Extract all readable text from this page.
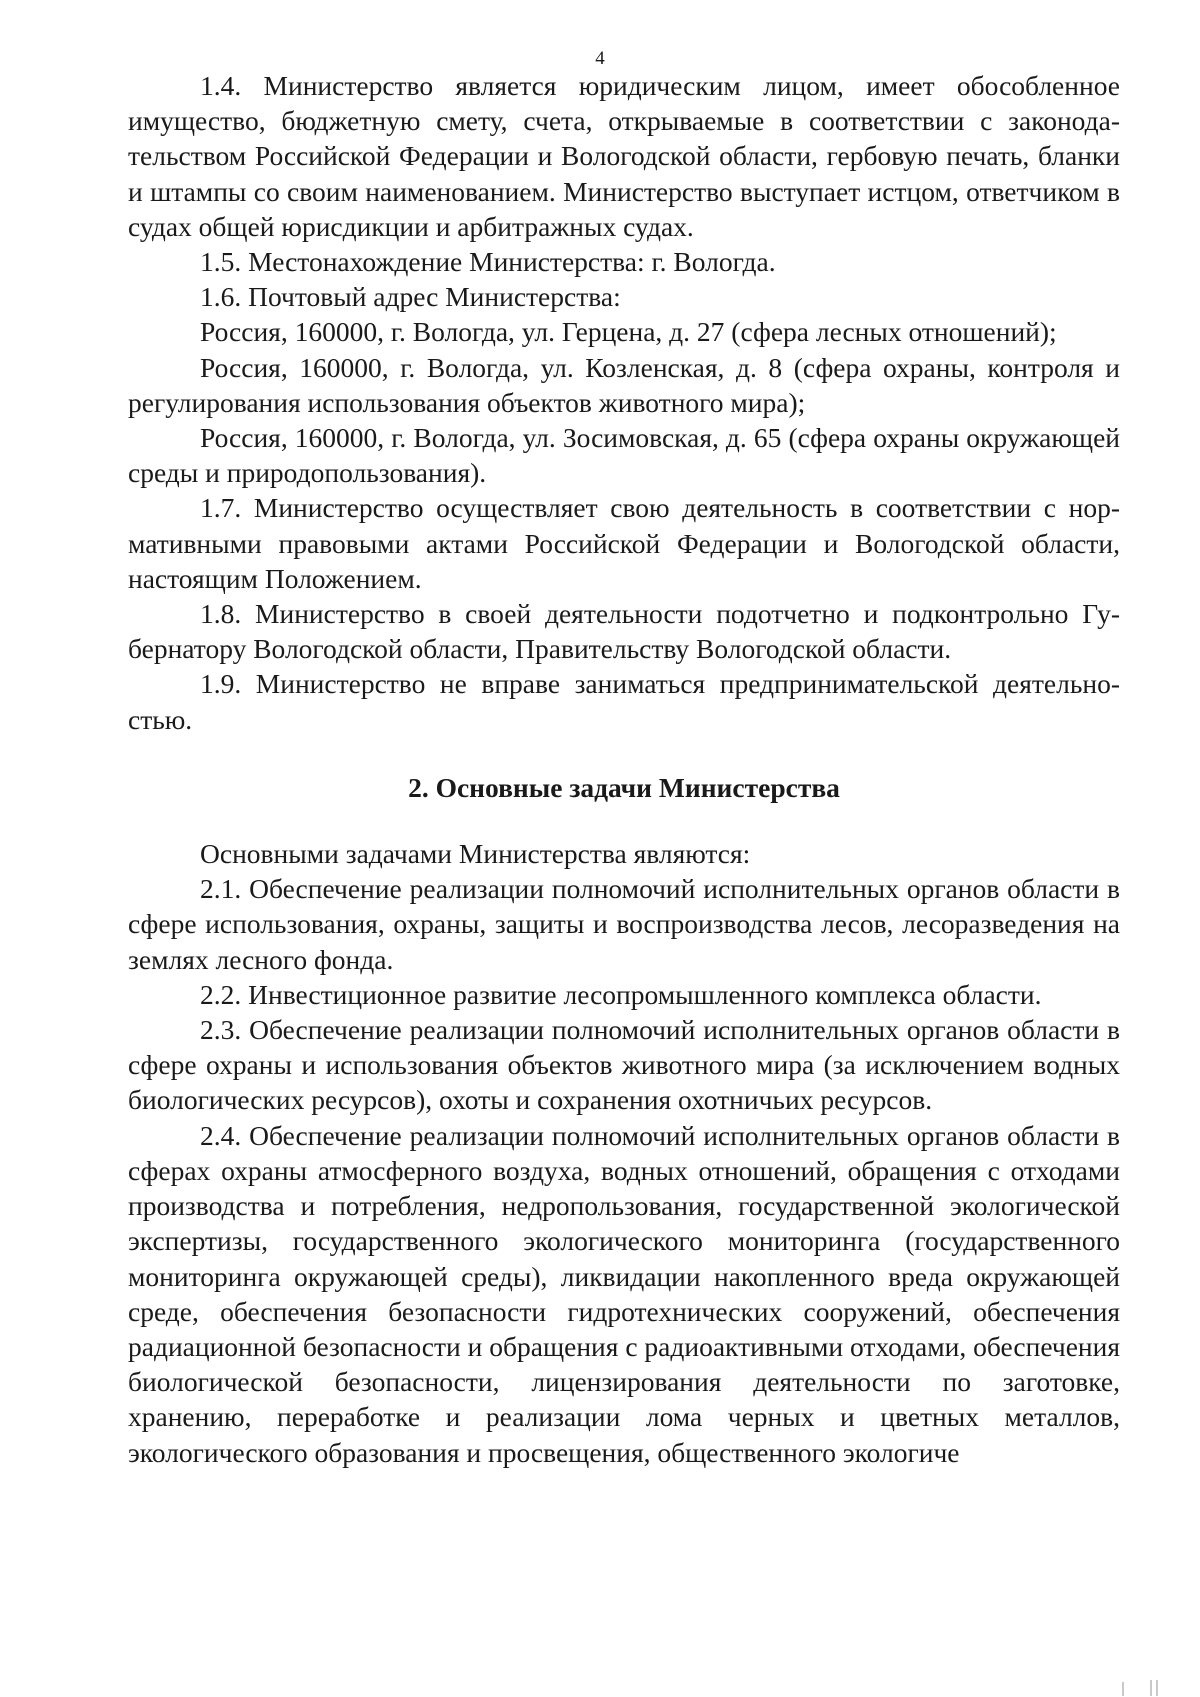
4

1.4. Министерство является юридическим лицом, имеет обособленное имущество, бюджетную смету, счета, открываемые в соответствии с законодательством Российской Федерации и Вологодской области, гербовую печать, бланки и штампы со своим наименованием. Министерство выступает истцом, ответчиком в судах общей юрисдикции и арбитражных судах.

1.5. Местонахождение Министерства: г. Вологда.

1.6. Почтовый адрес Министерства:

Россия, 160000, г. Вологда, ул. Герцена, д. 27 (сфера лесных отношений);

Россия, 160000, г. Вологда, ул. Козленская, д. 8 (сфера охраны, контроля и регулирования использования объектов животного мира);

Россия, 160000, г. Вологда, ул. Зосимовская, д. 65 (сфера охраны окружающей среды и природопользования).

1.7. Министерство осуществляет свою деятельность в соответствии с нормативными правовыми актами Российской Федерации и Вологодской области, настоящим Положением.

1.8. Министерство в своей деятельности подотчетно и подконтрольно Губернатору Вологодской области, Правительству Вологодской области.

1.9. Министерство не вправе заниматься предпринимательской деятельностью.

2. Основные задачи Министерства

Основными задачами Министерства являются:

2.1. Обеспечение реализации полномочий исполнительных органов области в сфере использования, охраны, защиты и воспроизводства лесов, лесоразведения на землях лесного фонда.

2.2. Инвестиционное развитие лесопромышленного комплекса области.

2.3. Обеспечение реализации полномочий исполнительных органов области в сфере охраны и использования объектов животного мира (за исключением водных биологических ресурсов), охоты и сохранения охотничьих ресурсов.

2.4. Обеспечение реализации полномочий исполнительных органов области в сферах охраны атмосферного воздуха, водных отношений, обращения с отходами производства и потребления, недропользования, государственной экологической экспертизы, государственного экологического мониторинга (государственного мониторинга окружающей среды), ликвидации накопленного вреда окружающей среде, обеспечения безопасности гидротехнических сооружений, обеспечения радиационной безопасности и обращения с радиоактивными отходами, обеспечения биологической безопасности, лицензирования деятельности по заготовке, хранению, переработке и реализации лома черных и цветных металлов, экологического образования и просвещения, общественного экологиче
